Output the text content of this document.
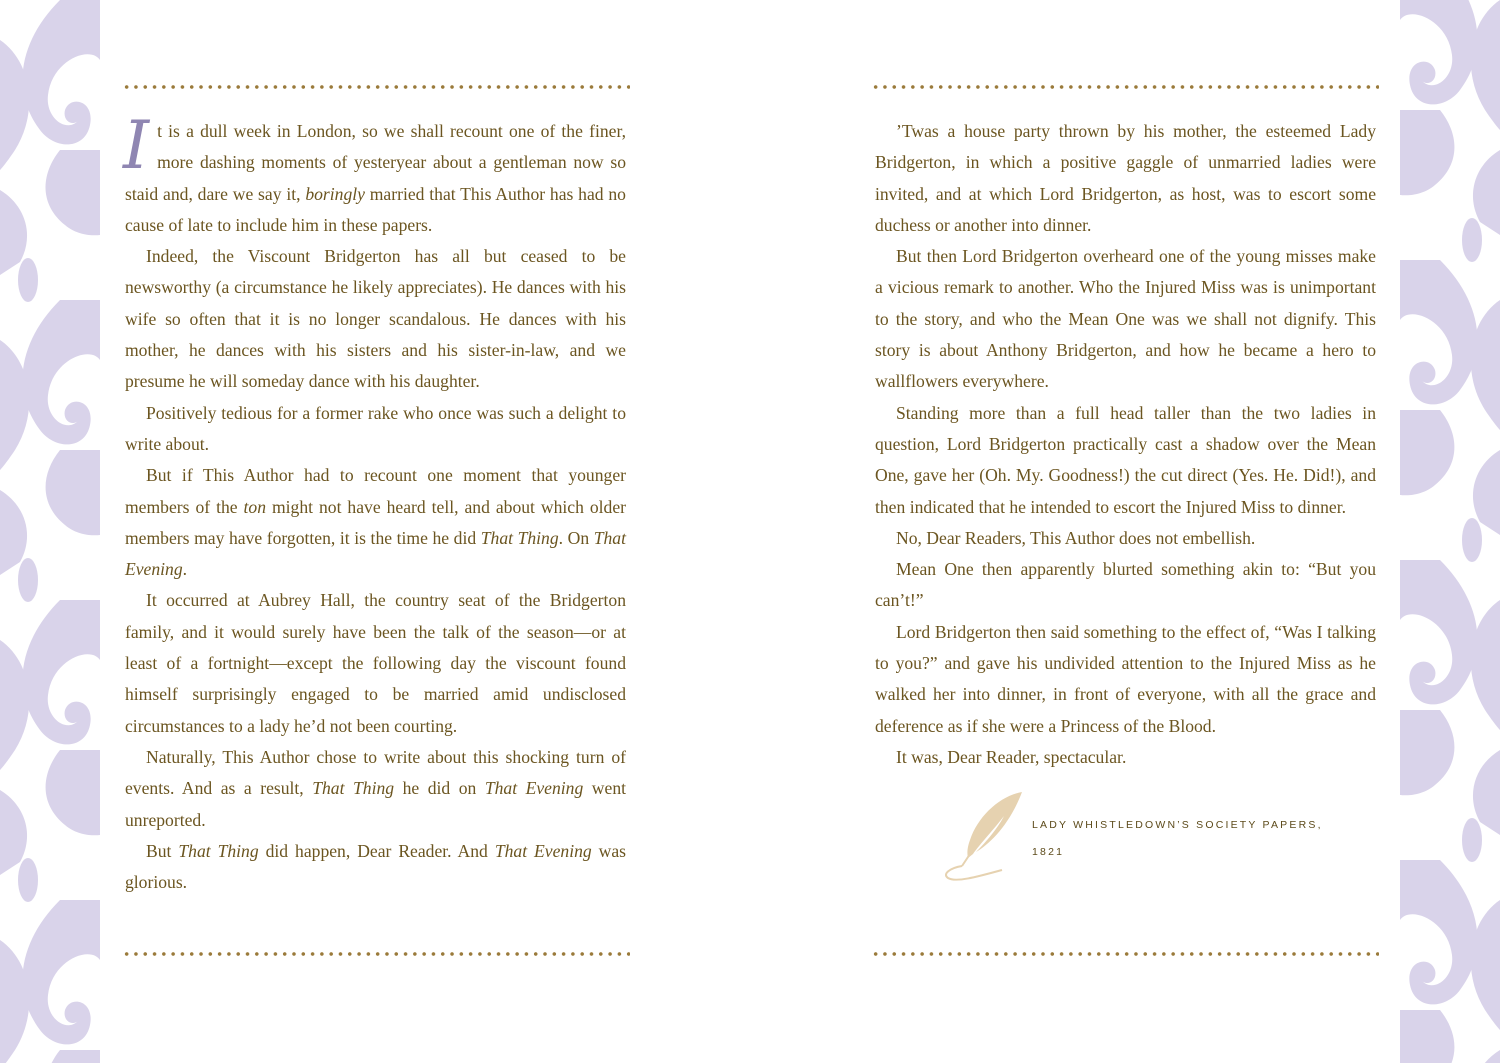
I t is a dull week in London, so we shall recount one of the finer, more dashing moments of yesteryear about a gentleman now so staid and, dare we say it, boringly married that This Author has had no cause of late to include him in these papers.

Indeed, the Viscount Bridgerton has all but ceased to be newsworthy (a circumstance he likely appreciates). He dances with his wife so often that it is no longer scandalous. He dances with his mother, he dances with his sisters and his sister-in-law, and we presume he will someday dance with his daughter.

Positively tedious for a former rake who once was such a delight to write about.

But if This Author had to recount one moment that younger members of the ton might not have heard tell, and about which older members may have forgotten, it is the time he did That Thing. On That Evening.

It occurred at Aubrey Hall, the country seat of the Bridgerton family, and it would surely have been the talk of the season—or at least of a fortnight—except the following day the viscount found himself surprisingly engaged to be married amid undisclosed circumstances to a lady he’d not been courting.

Naturally, This Author chose to write about this shocking turn of events. And as a result, That Thing he did on That Evening went unreported.

But That Thing did happen, Dear Reader. And That Evening was glorious.

’Twas a house party thrown by his mother, the esteemed Lady Bridgerton, in which a positive gaggle of unmarried ladies were invited, and at which Lord Bridgerton, as host, was to escort some duchess or another into dinner.

But then Lord Bridgerton overheard one of the young misses make a vicious remark to another. Who the Injured Miss was is unimportant to the story, and who the Mean One was we shall not dignify. This story is about Anthony Bridgerton, and how he became a hero to wallflowers everywhere.

Standing more than a full head taller than the two ladies in question, Lord Bridgerton practically cast a shadow over the Mean One, gave her (Oh. My. Goodness!) the cut direct (Yes. He. Did!), and then indicated that he intended to escort the Injured Miss to dinner.

No, Dear Readers, This Author does not embellish.

Mean One then apparently blurted something akin to: “But you can’t!”

Lord Bridgerton then said something to the effect of, “Was I talking to you?” and gave his undivided attention to the Injured Miss as he walked her into dinner, in front of everyone, with all the grace and deference as if she were a Princess of the Blood.

It was, Dear Reader, spectacular.

LADY WHISTLEDOWN’S SOCIETY PAPERS,
1821
